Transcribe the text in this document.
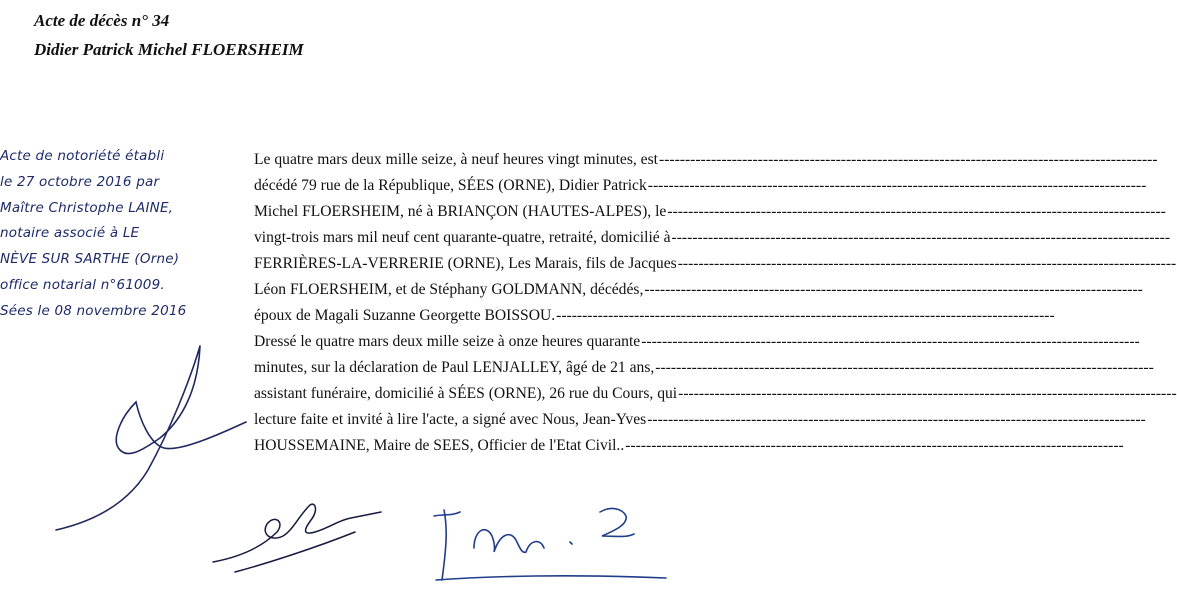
Acte de décès n° 34
Didier Patrick Michel FLOERSHEIM
Acte de notoriété établi
le 27 octobre 2016 par
Maître Christophe LAINE,
notaire associé à LE
NÈVE SUR SARTHE (Orne)
office notarial n°61009.
Sées le 08 novembre 2016
Le quatre mars deux mille seize, à neuf heures vingt minutes, est ------------------------------------------------------------------------------------------------
décédé 79 rue de la République, SÉES (ORNE), Didier Patrick ------------------------------------------------------------------------------------------------
Michel FLOERSHEIM, né à BRIANÇON (HAUTES-ALPES), le ------------------------------------------------------------------------------------------------
vingt-trois mars mil neuf cent quarante-quatre, retraité, domicilié à ------------------------------------------------------------------------------------------------
FERRIÈRES-LA-VERRERIE (ORNE), Les Marais, fils de Jacques ------------------------------------------------------------------------------------------------
Léon FLOERSHEIM, et de Stéphany GOLDMANN, décédés, ------------------------------------------------------------------------------------------------
époux de Magali Suzanne Georgette BOISSOU. ------------------------------------------------------------------------------------------------
Dressé le quatre mars deux mille seize à onze heures quarante ------------------------------------------------------------------------------------------------
minutes, sur la déclaration de Paul LENJALLEY, âgé de 21 ans, ------------------------------------------------------------------------------------------------
assistant funéraire, domicilié à SÉES (ORNE), 26 rue du Cours, qui ------------------------------------------------------------------------------------------------
lecture faite et invité à lire l'acte, a signé avec Nous, Jean-Yves ------------------------------------------------------------------------------------------------
HOUSSEMAINE, Maire de SEES, Officier de l'Etat Civil.. ------------------------------------------------------------------------------------------------
